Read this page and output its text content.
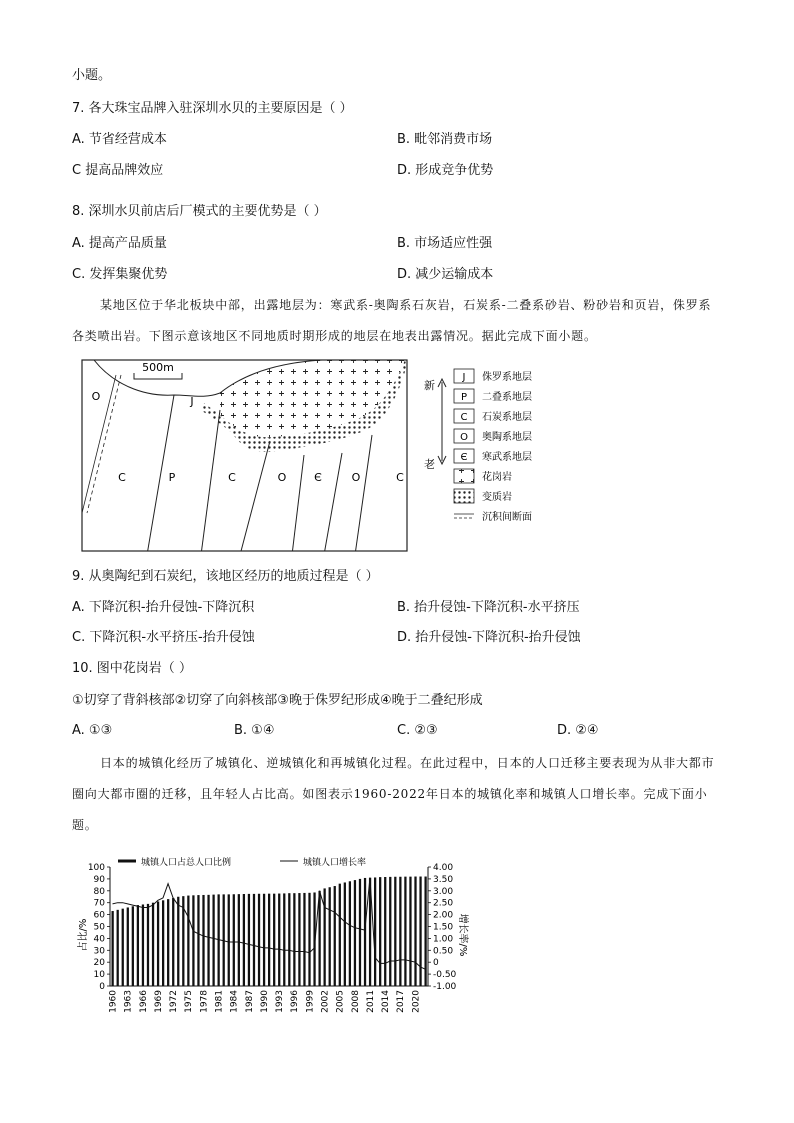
小题。
7. 各大珠宝品牌入驻深圳水贝的主要原因是（ ）
A. 节省经营成本	B. 毗邻消费市场
C 提高品牌效应	D. 形成竞争优势
8. 深圳水贝前店后厂模式的主要优势是（ ）
A. 提高产品质量	B. 市场适应性强
C. 发挥集聚优势	D. 减少运输成本
某地区位于华北板块中部，出露地层为：寒武系-奥陶系石灰岩，石炭系-二叠系砂岩、粉砂岩和页岩，侏罗系各类喷出岩。下图示意该地区不同地质时期形成的地层在地表出露情况。据此完成下面小题。
500m
O	J
C	P	C	O	Є	O	C
新
老
J 侏罗系地层
P 二叠系地层
C 石炭系地层
O 奥陶系地层
Є 寒武系地层
花岗岩
变质岩
沉积间断面
9. 从奥陶纪到石炭纪，该地区经历的地质过程是（ ）
A. 下降沉积-抬升侵蚀-下降沉积	B. 抬升侵蚀-下降沉积-水平挤压
C. 下降沉积-水平挤压-抬升侵蚀	D. 抬升侵蚀-下降沉积-抬升侵蚀
10. 图中花岗岩（ ）
①切穿了背斜核部②切穿了向斜核部③晚于侏罗纪形成④晚于二叠纪形成
A. ①③	B. ①④	C. ②③	D. ②④
日本的城镇化经历了城镇化、逆城镇化和再城镇化过程。在此过程中，日本的人口迁移主要表现为从非大都市圈向大都市圈的迁移，且年轻人占比高。如图表示1960-2022年日本的城镇化率和城镇人口增长率。完成下面小题。
0
10
20
30
40
50
60
70
80
90
100
-1.00
-0.50
0
0.50
1.00
1.50
2.00
2.50
3.00
3.50
4.00
1960 1963 1966 1969 1972 1975 1978 1981 1984 1987 1990 1993 1996 1999 2002 2005 2008 2011 2014 2017 2020
城镇人口占总人口比例	城镇人口增长率
占比/%	增长率/%
